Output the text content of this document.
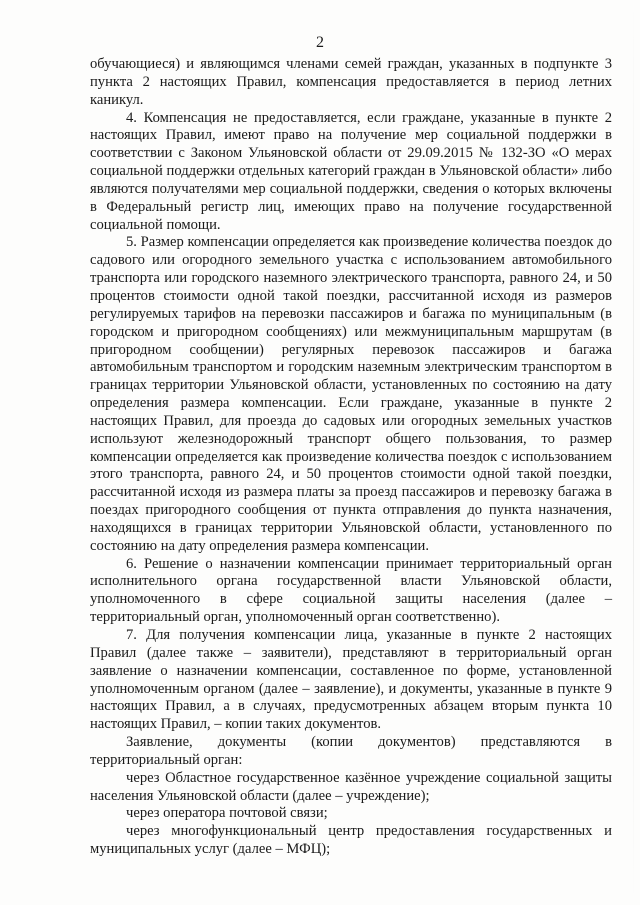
2

обучающиеся) и являющимся членами семей граждан, указанных в подпункте 3 пункта 2 настоящих Правил, компенсация предоставляется в период летних каникул.

4. Компенсация не предоставляется, если граждане, указанные в пункте 2 настоящих Правил, имеют право на получение мер социальной поддержки в соответствии с Законом Ульяновской области от 29.09.2015 № 132-ЗО «О мерах социальной поддержки отдельных категорий граждан в Ульяновской области» либо являются получателями мер социальной поддержки, сведения о которых включены в Федеральный регистр лиц, имеющих право на получение государственной социальной помощи.

5. Размер компенсации определяется как произведение количества поездок до садового или огородного земельного участка с использованием автомобильного транспорта или городского наземного электрического транспорта, равного 24, и 50 процентов стоимости одной такой поездки, рассчитанной исходя из размеров регулируемых тарифов на перевозки пассажиров и багажа по муниципальным (в городском и пригородном сообщениях) или межмуниципальным маршрутам (в пригородном сообщении) регулярных перевозок пассажиров и багажа автомобильным транспортом и городским наземным электрическим транспортом в границах территории Ульяновской области, установленных по состоянию на дату определения размера компенсации. Если граждане, указанные в пункте 2 настоящих Правил, для проезда до садовых или огородных земельных участков используют железнодорожный транспорт общего пользования, то размер компенсации определяется как произведение количества поездок с использованием этого транспорта, равного 24, и 50 процентов стоимости одной такой поездки, рассчитанной исходя из размера платы за проезд пассажиров и перевозку багажа в поездах пригородного сообщения от пункта отправления до пункта назначения, находящихся в границах территории Ульяновской области, установленного по состоянию на дату определения размера компенсации.

6. Решение о назначении компенсации принимает территориальный орган исполнительного органа государственной власти Ульяновской области, уполномоченного в сфере социальной защиты населения (далее – территориальный орган, уполномоченный орган соответственно).

7. Для получения компенсации лица, указанные в пункте 2 настоящих Правил (далее также – заявители), представляют в территориальный орган заявление о назначении компенсации, составленное по форме, установленной уполномоченным органом (далее – заявление), и документы, указанные в пункте 9 настоящих Правил, а в случаях, предусмотренных абзацем вторым пункта 10 настоящих Правил, – копии таких документов.

Заявление, документы (копии документов) представляются в территориальный орган:

через Областное государственное казённое учреждение социальной защиты населения Ульяновской области (далее – учреждение);

через оператора почтовой связи;

через многофункциональный центр предоставления государственных и муниципальных услуг (далее – МФЦ);
